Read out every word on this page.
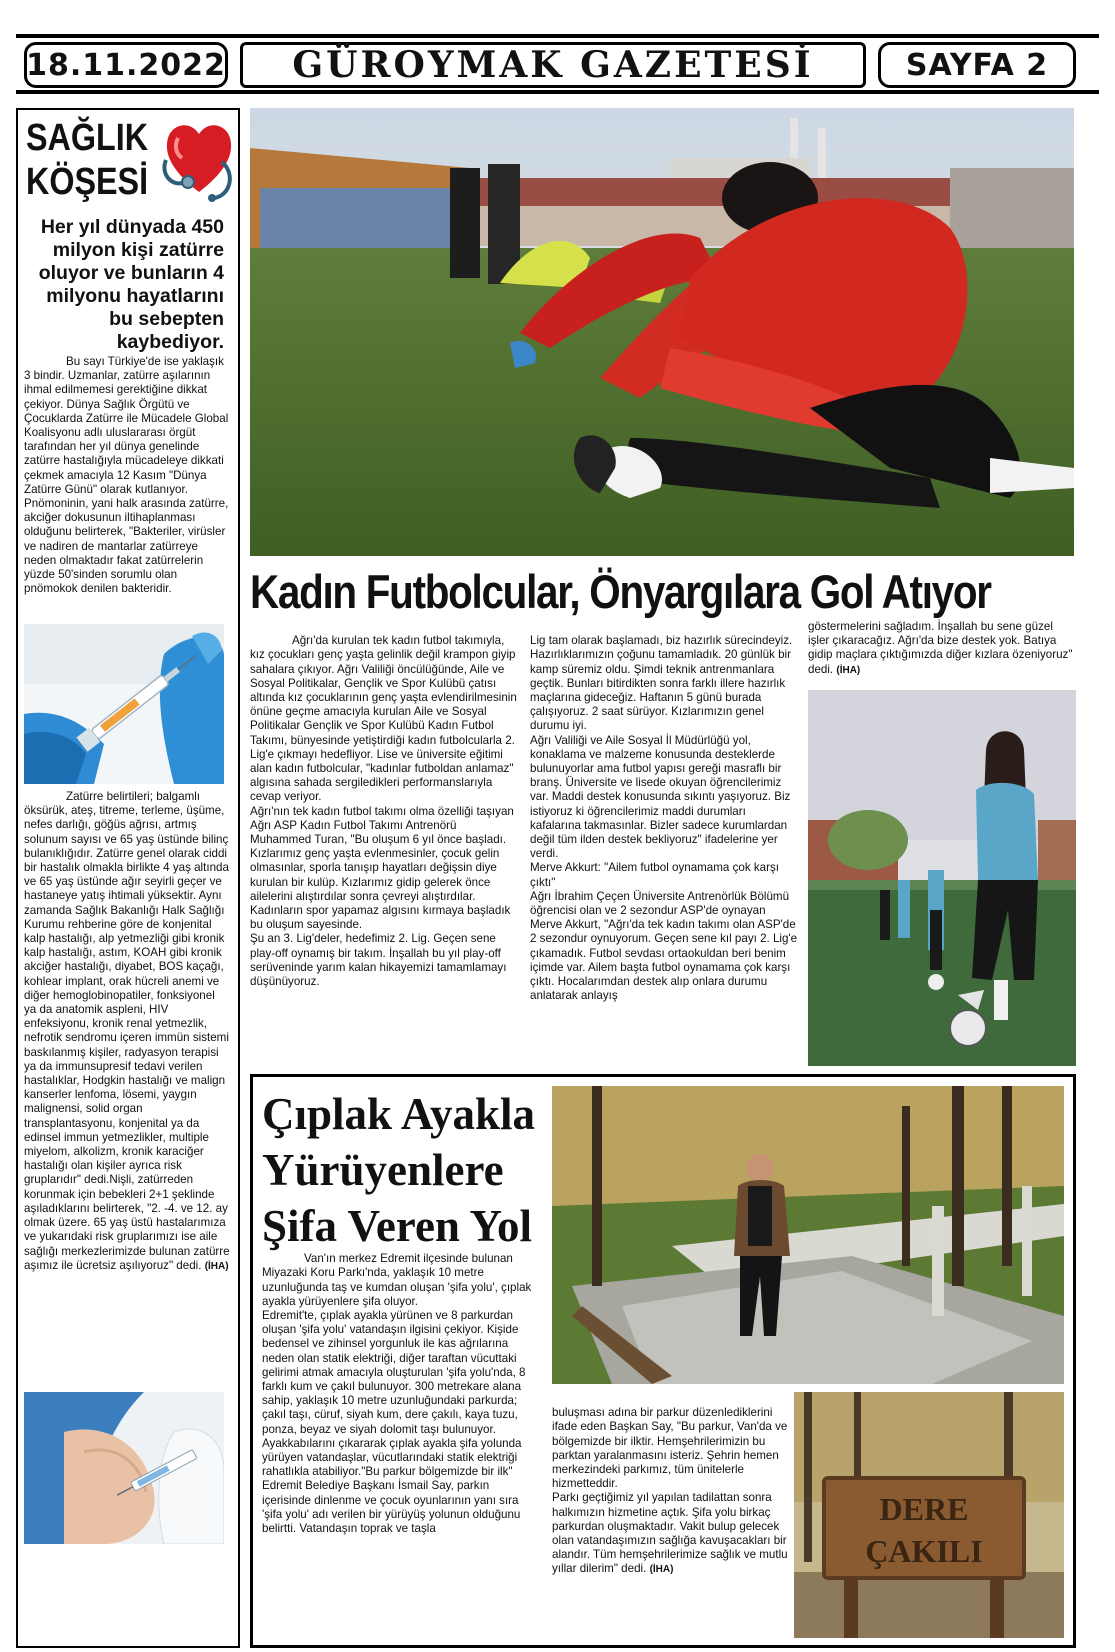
18.11.2022	GÜROYMAK GAZETESİ	SAYFA 2
SAĞLIK
KÖŞESİ
Her yıl dünyada 450 milyon kişi zatürre oluyor ve bunların 4 milyonu hayatlarını bu sebepten kaybediyor.

Bu sayı Türkiye'de ise yaklaşık 3 bindir. Uzmanlar, zatürre aşılarının ihmal edilmemesi gerektiğine dikkat çekiyor. Dünya Sağlık Örgütü ve Çocuklarda Zatürre ile Mücadele Global Koalisyonu adlı uluslararası örgüt tarafından her yıl dünya genelinde zatürre hastalığıyla mücadeleye dikkati çekmek amacıyla 12 Kasım "Dünya Zatürre Günü" olarak kutlanıyor. Pnömoninin, yani halk arasında zatürre, akciğer dokusunun iltihaplanması olduğunu belirterek, "Bakteriler, virüsler ve nadiren de mantarlar zatürreye neden olmaktadır fakat zatürrelerin yüzde 50'sinden sorumlu olan pnömokok denilen bakteridir.

Zatürre belirtileri; balgamlı öksürük, ateş, titreme, terleme, üşüme, nefes darlığı, göğüs ağrısı, artmış solunum sayısı ve 65 yaş üstünde bilinç bulanıklığıdır. Zatürre genel olarak ciddi bir hastalık olmakla birlikte 4 yaş altında ve 65 yaş üstünde ağır seyirli geçer ve hastaneye yatış ihtimali yüksektir. Aynı zamanda Sağlık Bakanlığı Halk Sağlığı Kurumu rehberine göre de konjenital kalp hastalığı, alp yetmezliği gibi kronik kalp hastalığı, astım, KOAH gibi kronik akciğer hastalığı, diyabet, BOS kaçağı, kohlear implant, orak hücreli anemi ve diğer hemoglobinopatiler, fonksiyonel ya da anatomik aspleni, HIV enfeksiyonu, kronik renal yetmezlik, nefrotik sendromu içeren immün sistemi baskılanmış kişiler, radyasyon terapisi ya da immunsupresif tedavi verilen hastalıklar, Hodgkin hastalığı ve malign kanserler lenfoma, lösemi, yaygın malignensi, solid organ transplantasyonu, konjenital ya da edinsel immun yetmezlikler, multiple miyelom, alkolizm, kronik karaciğer hastalığı olan kişiler ayrıca risk gruplarıdır" dedi.Nişli, zatürreden korunmak için bebekleri 2+1 şeklinde aşıladıklarını belirterek, "2. -4. ve 12. ay olmak üzere. 65 yaş üstü hastalarımıza ve yukarıdaki risk gruplarımızı ise aile sağlığı merkezlerimizde bulunan zatürre aşımız ile ücretsiz aşılıyoruz" dedi. (İHA)

Kadın Futbolcular, Önyargılara Gol Atıyor

Ağrı'da kurulan tek kadın futbol takımıyla, kız çocukları genç yaşta gelinlik değil krampon giyip sahalara çıkıyor. Ağrı Valiliği öncülüğünde, Aile ve Sosyal Politikalar, Gençlik ve Spor Kulübü çatısı altında kız çocuklarının genç yaşta evlendirilmesinin önüne geçme amacıyla kurulan Aile ve Sosyal Politikalar Gençlik ve Spor Kulübü Kadın Futbol Takımı, bünyesinde yetiştirdiği kadın futbolcularla 2. Lig'e çıkmayı hedefliyor. Lise ve üniversite eğitimi alan kadın futbolcular, "kadınlar futboldan anlamaz" algısına sahada sergiledikleri performanslarıyla cevap veriyor.
Ağrı'nın tek kadın futbol takımı olma özelliği taşıyan Ağrı ASP Kadın Futbol Takımı Antrenörü Muhammed Turan, "Bu oluşum 6 yıl önce başladı. Kızlarımız genç yaşta evlenmesinler, çocuk gelin olmasınlar, sporla tanışıp hayatları değişsin diye kurulan bir kulüp. Kızlarımız gidip gelerek önce ailelerini alıştırdılar sonra çevreyi alıştırdılar. Kadınların spor yapamaz algısını kırmaya başladık bu oluşum sayesinde.
Şu an 3. Lig'deler, hedefimiz 2. Lig. Geçen sene play-off oynamış bir takım. İnşallah bu yıl play-off serüveninde yarım kalan hikayemizi tamamlamayı düşünüyoruz.

Lig tam olarak başlamadı, biz hazırlık sürecindeyiz. Hazırlıklarımızın çoğunu tamamladık. 20 günlük bir kamp süremiz oldu. Şimdi teknik antrenmanlara geçtik. Bunları bitirdikten sonra farklı illere hazırlık maçlarına gideceğiz. Haftanın 5 günü burada çalışıyoruz. 2 saat sürüyor. Kızlarımızın genel durumu iyi.
Ağrı Valiliği ve Aile Sosyal İl Müdürlüğü yol, konaklama ve malzeme konusunda desteklerde bulunuyorlar ama futbol yapısı gereği masraflı bir branş. Üniversite ve lisede okuyan öğrencilerimiz var. Maddi destek konusunda sıkıntı yaşıyoruz. Biz istiyoruz ki öğrencilerimiz maddi durumları kafalarına takmasınlar. Bizler sadece kurumlardan değil tüm ilden destek bekliyoruz" ifadelerine yer verdi.
Merve Akkurt: "Ailem futbol oynamama çok karşı çıktı"
Ağrı İbrahim Çeçen Üniversite Antrenörlük Bölümü öğrencisi olan ve 2 sezondur ASP'de oynayan Merve Akkurt, "Ağrı'da tek kadın takımı olan ASP'de 2 sezondur oynuyorum. Geçen sene kıl payı 2. Lig'e çıkamadık. Futbol sevdası ortaokuldan beri benim içimde var. Ailem başta futbol oynamama çok karşı çıktı. Hocalarımdan destek alıp onlara durumu anlatarak anlayış

göstermelerini sağladım. İnşallah bu sene güzel işler çıkaracağız. Ağrı'da bize destek yok. Batıya gidip maçlara çıktığımızda diğer kızlara özeniyoruz" dedi. (İHA)

Çıplak Ayakla
Yürüyenlere
Şifa Veren Yol

Van'ın merkez Edremit ilçesinde bulunan Miyazaki Koru Parkı'nda, yaklaşık 10 metre uzunluğunda taş ve kumdan oluşan 'şifa yolu', çıplak ayakla yürüyenlere şifa oluyor.
Edremit'te, çıplak ayakla yürünen ve 8 parkurdan oluşan 'şifa yolu' vatandaşın ilgisini çekiyor. Kişide bedensel ve zihinsel yorgunluk ile kas ağrılarına neden olan statik elektriği, diğer taraftan vücuttaki gelirimi atmak amacıyla oluşturulan 'şifa yolu'nda, 8 farklı kum ve çakıl bulunuyor. 300 metrekare alana sahip, yaklaşık 10 metre uzunluğundaki parkurda; çakıl taşı, cüruf, siyah kum, dere çakılı, kaya tuzu, ponza, beyaz ve siyah dolomit taşı bulunuyor.
Ayakkabılarını çıkararak çıplak ayakla şifa yolunda yürüyen vatandaşlar, vücutlarındaki statik elektriği rahatlıkla atabiliyor."Bu parkur bölgemizde bir ilk" Edremit Belediye Başkanı İsmail Say, parkın içerisinde dinlenme ve çocuk oyunlarının yanı sıra 'şifa yolu' adı verilen bir yürüyüş yolunun olduğunu belirtti. Vatandaşın toprak ve taşla

buluşması adına bir parkur düzenlediklerini ifade eden Başkan Say, "Bu parkur, Van'da ve bölgemizde bir ilktir. Hemşehrilerimizin bu parktan yaralanmasını isteriz. Şehrin hemen merkezindeki parkımız, tüm ünitelerle hizmetteddir.
Parkı geçtiğimiz yıl yapılan tadilattan sonra halkımızın hizmetine açtık. Şifa yolu birkaç parkurdan oluşmaktadır. Vakit bulup gelecek olan vatandaşımızın sağlığa kavuşacakları bir alandır. Tüm hemşehrilerimize sağlık ve mutlu yıllar dilerim" dedi. (İHA)

DERE
ÇAKILI
